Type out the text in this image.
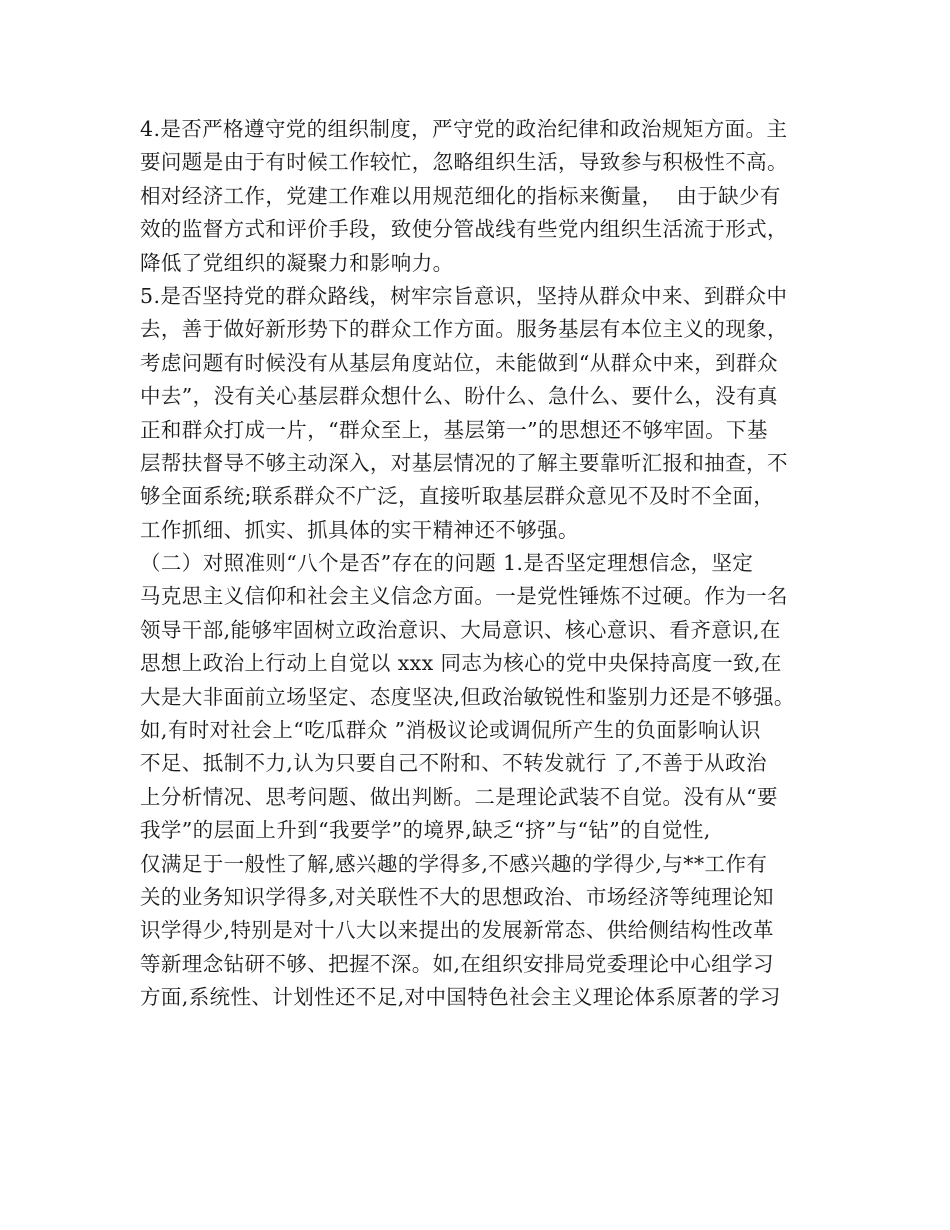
4.是否严格遵守党的组织制度，严守党的政治纪律和政治规矩方面。主
要问题是由于有时候工作较忙，忽略组织生活，导致参与积极性不高。
相对经济工作，党建工作难以用规范细化的指标来衡量，  由于缺少有
效的监督方式和评价手段，致使分管战线有些党内组织生活流于形式，
降低了党组织的凝聚力和影响力。
5.是否坚持党的群众路线，树牢宗旨意识，坚持从群众中来、到群众中
去，善于做好新形势下的群众工作方面。服务基层有本位主义的现象，
考虑问题有时候没有从基层角度站位，未能做到“从群众中来，到群众
中去”，没有关心基层群众想什么、盼什么、急什么、要什么，没有真
正和群众打成一片，“群众至上，基层第一”的思想还不够牢固。下基
层帮扶督导不够主动深入，对基层情况的了解主要靠听汇报和抽查，不
够全面系统;联系群众不广泛，直接听取基层群众意见不及时不全面，
工作抓细、抓实、抓具体的实干精神还不够强。
（二）对照准则“八个是否”存在的问题 1.是否坚定理想信念，坚定
马克思主义信仰和社会主义信念方面。一是党性锤炼不过硬。作为一名
领导干部,能够牢固树立政治意识、大局意识、核心意识、看齐意识,在
思想上政治上行动上自觉以 xxx 同志为核心的党中央保持高度一致,在
大是大非面前立场坚定、态度坚决,但政治敏锐性和鉴别力还是不够强。
如,有时对社会上“吃瓜群众 ”消极议论或调侃所产生的负面影响认识
不足、抵制不力,认为只要自己不附和、不转发就行 了,不善于从政治
上分析情况、思考问题、做出判断。二是理论武装不自觉。没有从“要
我学”的层面上升到“我要学”的境界,缺乏“挤”与“钻”的自觉性,
仅满足于一般性了解,感兴趣的学得多,不感兴趣的学得少,与**工作有
关的业务知识学得多,对关联性不大的思想政治、市场经济等纯理论知
识学得少,特别是对十八大以来提出的发展新常态、供给侧结构性改革
等新理念钻研不够、把握不深。如,在组织安排局党委理论中心组学习
方面,系统性、计划性还不足,对中国特色社会主义理论体系原著的学习
